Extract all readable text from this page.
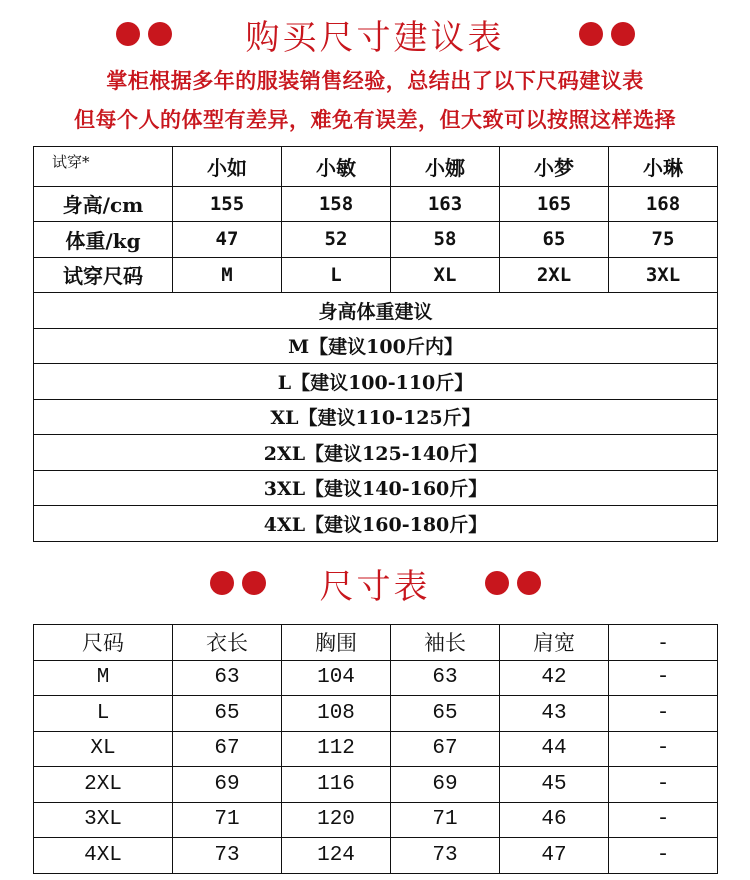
购买尺寸建议表
掌柜根据多年的服装销售经验，总结出了以下尺码建议表
但每个人的体型有差异，难免有误差，但大致可以按照这样选择
试穿*	小如	小敏	小娜	小梦	小琳
身高/cm	155	158	163	165	168
体重/kg	47	52	58	65	75
试穿尺码	M	L	XL	2XL	3XL
身高体重建议					
M【建议100斤内】					
L【建议100-110斤】					
XL【建议110-125斤】					
2XL【建议125-140斤】					
3XL【建议140-160斤】					
4XL【建议160-180斤】					
尺寸表
尺码	衣长	胸围	袖长	肩宽	-
M	63	104	63	42	-
L	65	108	65	43	-
XL	67	112	67	44	-
2XL	69	116	69	45	-
3XL	71	120	71	46	-
4XL	73	124	73	47	-
